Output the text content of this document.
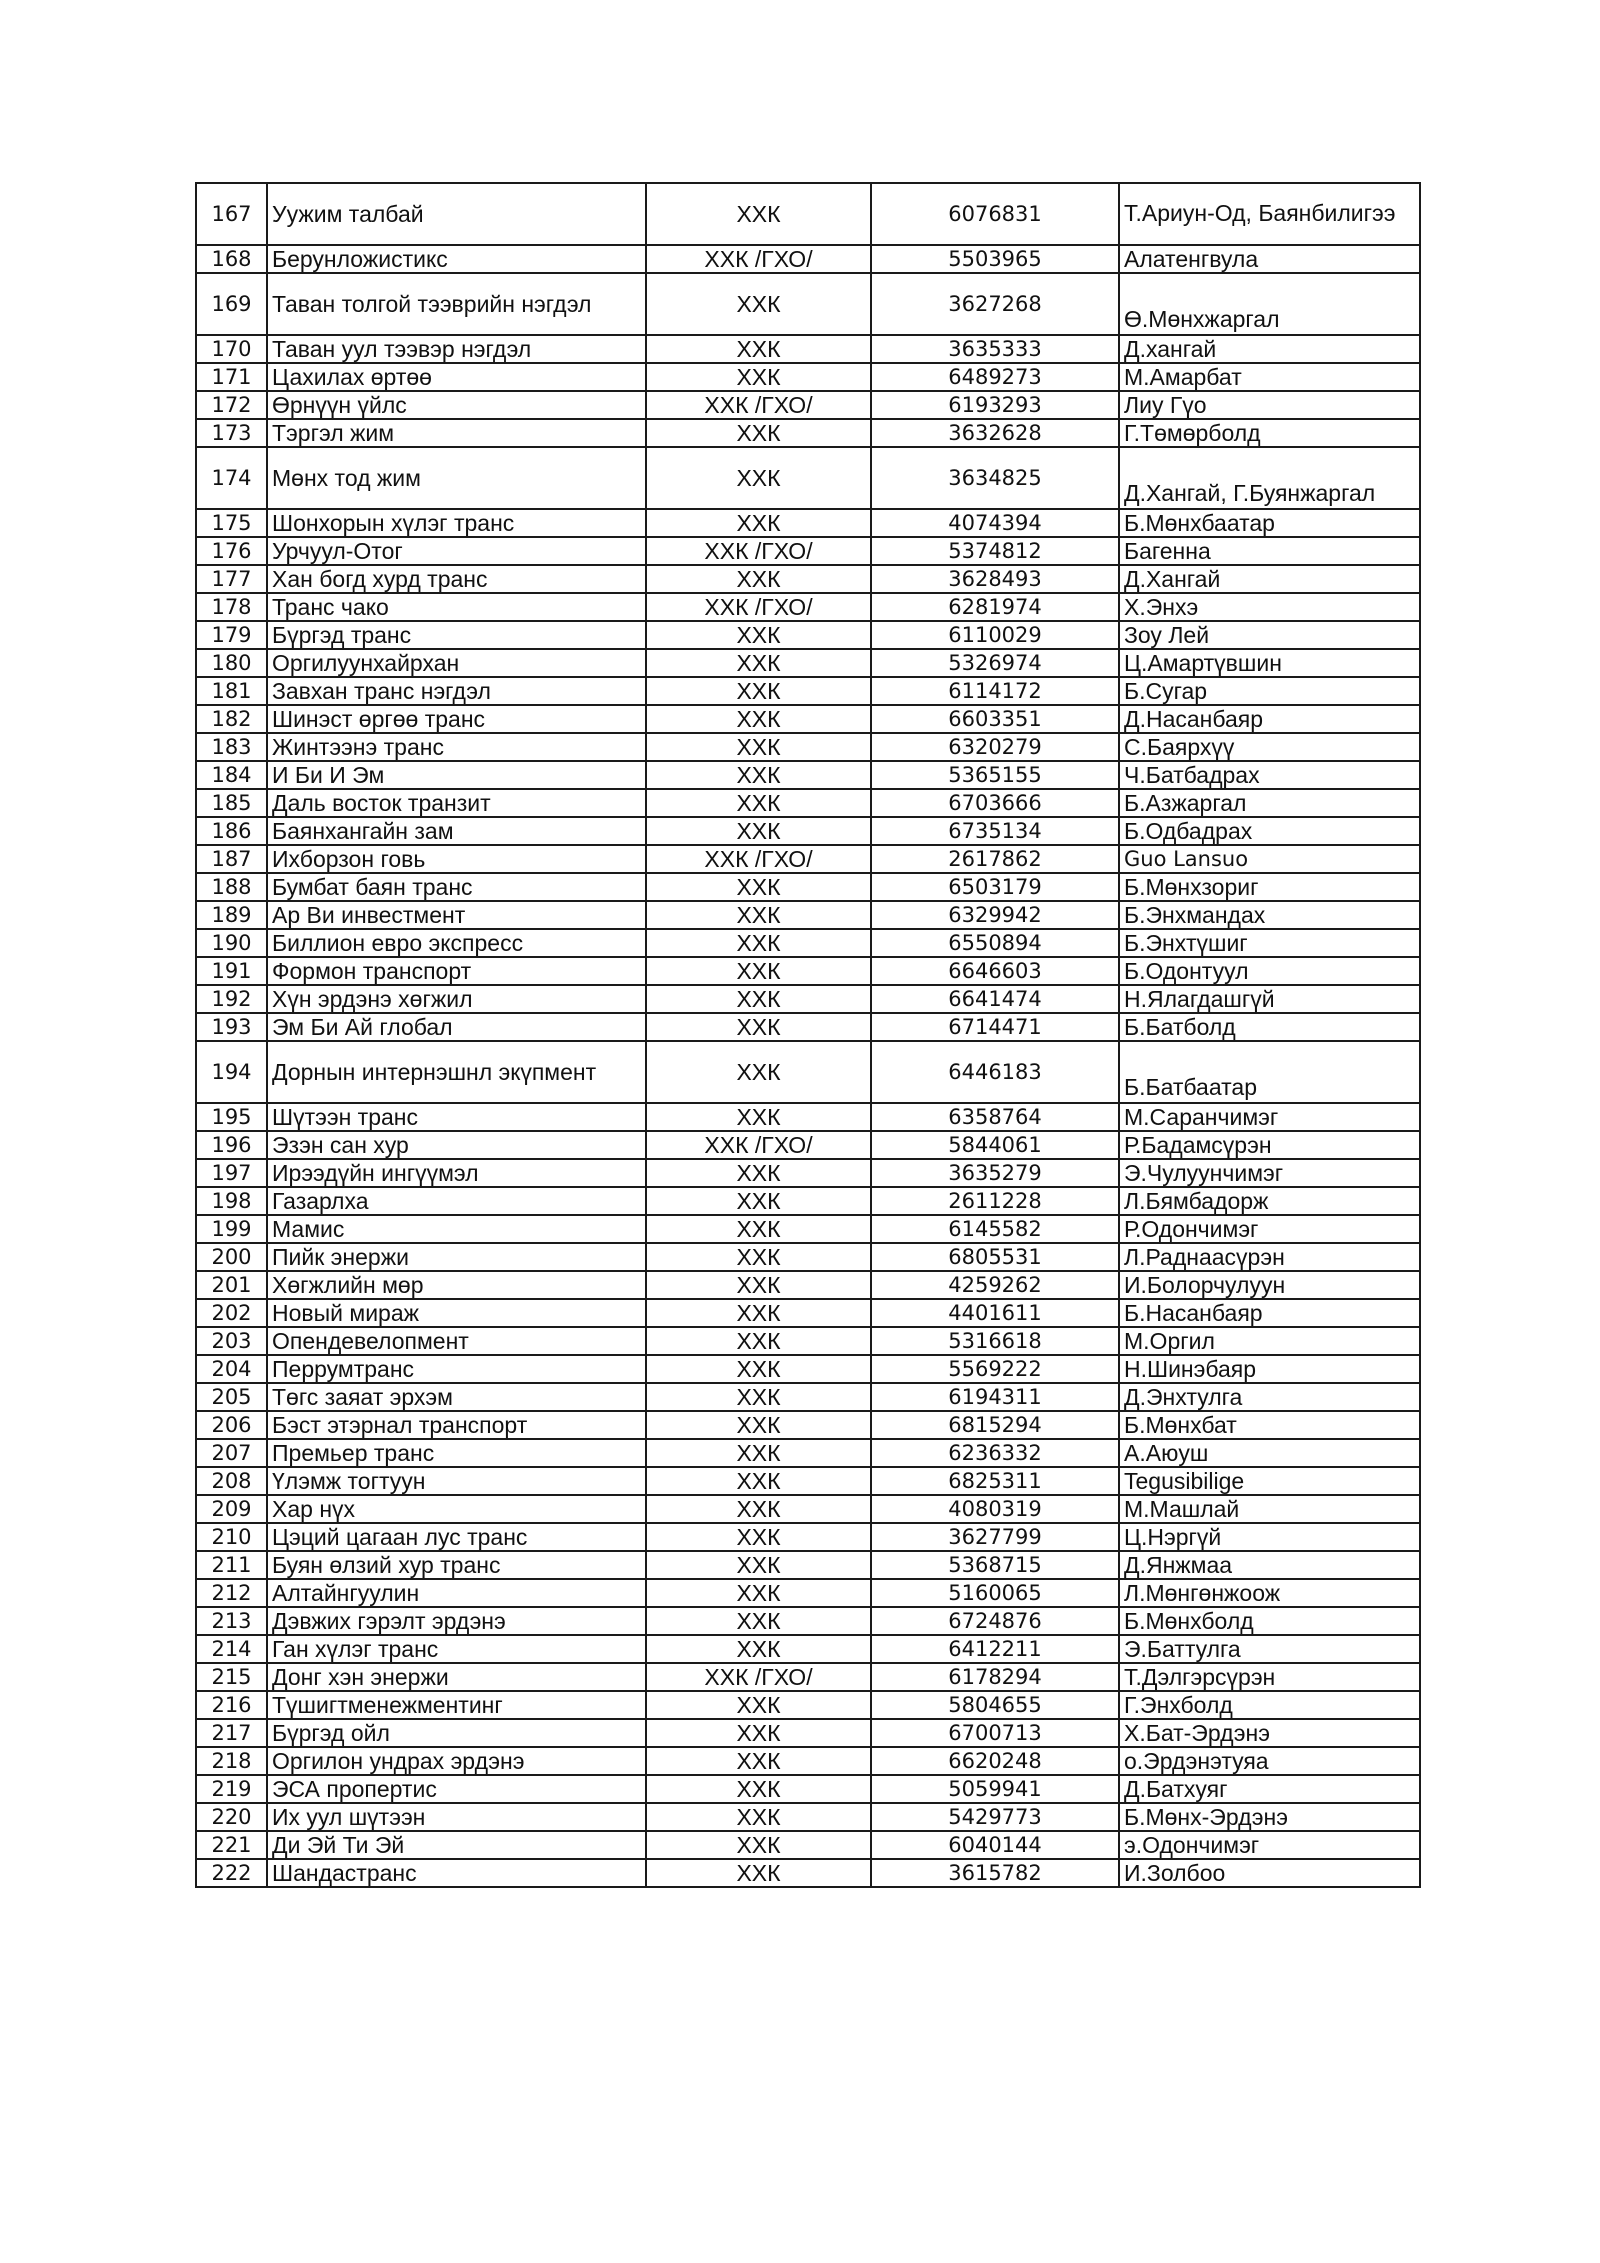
167	Уужим талбай	ХХК	6076831	Т.Ариун-Од, Баянбилигээ
168	Берунложистикс	ХХК /ГХО/	5503965	Алатенгвула
169	Таван толгой тээврийн нэгдэл	ХХК	3627268	Ө.Мөнхжаргал
170	Таван уул тээвэр нэгдэл	ХХК	3635333	Д.хангай
171	Цахилах өртөө	ХХК	6489273	М.Амарбат
172	Өрнүүн үйлс	ХХК /ГХО/	6193293	Лиу Гүо
173	Тэргэл жим	ХХК	3632628	Г.Төмөрболд
174	Мөнх тод жим	ХХК	3634825	Д.Хангай, Г.Буянжаргал
175	Шонхорын хүлэг транс	ХХК	4074394	Б.Мөнхбаатар
176	Урчуул-Отог	ХХК /ГХО/	5374812	Багенна
177	Хан богд хурд транс	ХХК	3628493	Д.Хангай
178	Транс чако	ХХК /ГХО/	6281974	Х.Энхэ
179	Бүргэд транс	ХХК	6110029	Зоу Лей
180	Оргилуунхайрхан	ХХК	5326974	Ц.Амартүвшин
181	Завхан транс нэгдэл	ХХК	6114172	Б.Сугар
182	Шинэст өргөө транс	ХХК	6603351	Д.Насанбаяр
183	Жинтээнэ транс	ХХК	6320279	С.Баярхүү
184	И Би И Эм	ХХК	5365155	Ч.Батбадрах
185	Даль восток транзит	ХХК	6703666	Б.Азжаргал
186	Баянхангайн зам	ХХК	6735134	Б.Одбадрах
187	Ихборзон говь	ХХК /ГХО/	2617862	Guo Lansuo
188	Бумбат баян транс	ХХК	6503179	Б.Мөнхзориг
189	Ар Ви инвестмент	ХХК	6329942	Б.Энхмандах
190	Биллион евро экспресс	ХХК	6550894	Б.Энхтүшиг
191	Формон транспорт	ХХК	6646603	Б.Одонтуул
192	Хүн эрдэнэ хөгжил	ХХК	6641474	Н.Ялагдашгүй
193	Эм Би Ай глобал	ХХК	6714471	Б.Батболд
194	Дорнын интернэшнл экүпмент	ХХК	6446183	Б.Батбаатар
195	Шүтээн транс	ХХК	6358764	М.Саранчимэг
196	Эзэн сан хур	ХХК /ГХО/	5844061	Р.Бадамсүрэн
197	Ирээдүйн ингүүмэл	ХХК	3635279	Э.Чулуунчимэг
198	Газарлха	ХХК	2611228	Л.Бямбадорж
199	Мамис	ХХК	6145582	Р.Одончимэг
200	Пийк энержи	ХХК	6805531	Л.Раднаасүрэн
201	Хөгжлийн мөр	ХХК	4259262	И.Болорчулуун
202	Новый мираж	ХХК	4401611	Б.Насанбаяр
203	Опендевелопмент	ХХК	5316618	М.Оргил
204	Перрумтранс	ХХК	5569222	Н.Шинэбаяр
205	Төгс заяат эрхэм	ХХК	6194311	Д.Энхтулга
206	Бэст этэрнал транспорт	ХХК	6815294	Б.Мөнхбат
207	Премьер транс	ХХК	6236332	А.Аюуш
208	Үлэмж тогтуун	ХХК	6825311	Tegusibilige
209	Хар нүх	ХХК	4080319	М.Машлай
210	Цэций цагаан лус транс	ХХК	3627799	Ц.Нэргүй
211	Буян өлзий хур транс	ХХК	5368715	Д.Янжмаа
212	Алтайнгуулин	ХХК	5160065	Л.Мөнгөнжоож
213	Дэвжих гэрэлт эрдэнэ	ХХК	6724876	Б.Мөнхболд
214	Ган хүлэг транс	ХХК	6412211	Э.Баттулга
215	Донг хэн энержи	ХХК /ГХО/	6178294	Т.Дэлгэрсүрэн
216	Түшигтменежментинг	ХХК	5804655	Г.Энхболд
217	Бүргэд ойл	ХХК	6700713	Х.Бат-Эрдэнэ
218	Оргилон ундрах эрдэнэ	ХХК	6620248	о.Эрдэнэтуяа
219	ЭСА пропертис	ХХК	5059941	Д.Батхуяг
220	Их уул шүтээн	ХХК	5429773	Б.Мөнх-Эрдэнэ
221	Ди Эй Ти Эй	ХХК	6040144	э.Одончимэг
222	Шандастранс	ХХК	3615782	И.Золбоо
